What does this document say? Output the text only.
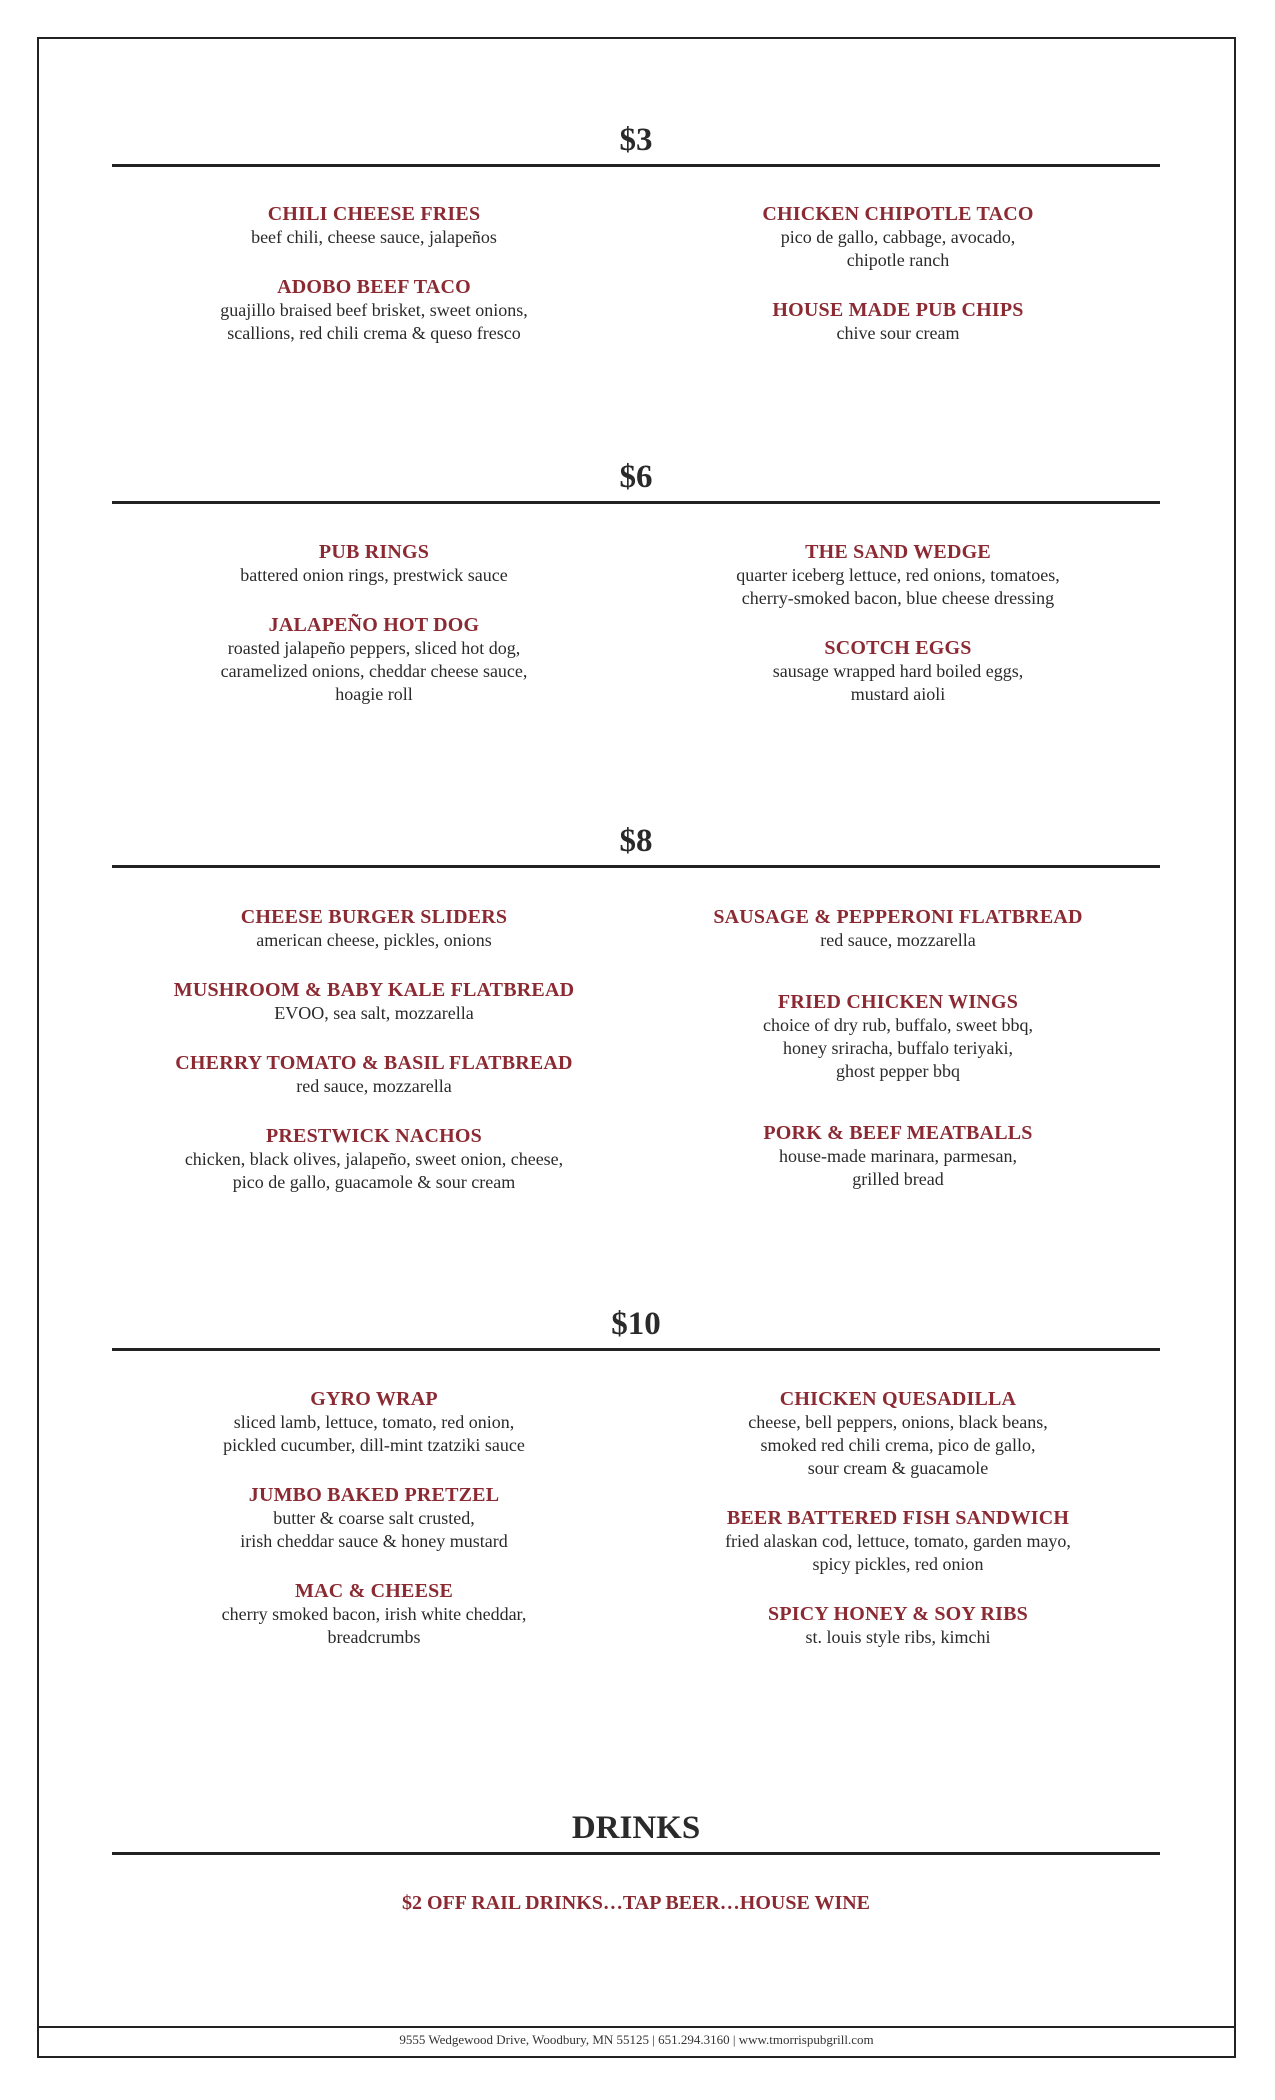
$3
CHILI CHEESE FRIES
beef chili, cheese sauce, jalapeños
ADOBO BEEF TACO
guajillo braised beef brisket, sweet onions,
scallions, red chili crema & queso fresco
CHICKEN CHIPOTLE TACO
pico de gallo, cabbage, avocado,
chipotle ranch
HOUSE MADE PUB CHIPS
chive sour cream
$6
PUB RINGS
battered onion rings, prestwick sauce
JALAPEÑO HOT DOG
roasted jalapeño peppers, sliced hot dog,
caramelized onions, cheddar cheese sauce,
hoagie roll
THE SAND WEDGE
quarter iceberg lettuce, red onions, tomatoes,
cherry-smoked bacon, blue cheese dressing
SCOTCH EGGS
sausage wrapped hard boiled eggs,
mustard aioli
$8
CHEESE BURGER SLIDERS
american cheese, pickles, onions
MUSHROOM & BABY KALE FLATBREAD
EVOO, sea salt, mozzarella
CHERRY TOMATO & BASIL FLATBREAD
red sauce, mozzarella
PRESTWICK NACHOS
chicken, black olives, jalapeño, sweet onion, cheese,
pico de gallo, guacamole & sour cream
SAUSAGE & PEPPERONI FLATBREAD
red sauce, mozzarella
FRIED CHICKEN WINGS
choice of dry rub, buffalo, sweet bbq,
honey sriracha, buffalo teriyaki,
ghost pepper bbq
PORK & BEEF MEATBALLS
house-made marinara, parmesan,
grilled bread
$10
GYRO WRAP
sliced lamb, lettuce, tomato, red onion,
pickled cucumber, dill-mint tzatziki sauce
JUMBO BAKED PRETZEL
butter & coarse salt crusted,
irish cheddar sauce & honey mustard
MAC & CHEESE
cherry smoked bacon, irish white cheddar,
breadcrumbs
CHICKEN QUESADILLA
cheese, bell peppers, onions, black beans,
smoked red chili crema, pico de gallo,
sour cream & guacamole
BEER BATTERED FISH SANDWICH
fried alaskan cod, lettuce, tomato, garden mayo,
spicy pickles, red onion
SPICY HONEY & SOY RIBS
st. louis style ribs, kimchi
DRINKS
$2 OFF RAIL DRINKS…TAP BEER…HOUSE WINE
9555 Wedgewood Drive, Woodbury, MN 55125 | 651.294.3160 | www.tmorrispubgrill.com
